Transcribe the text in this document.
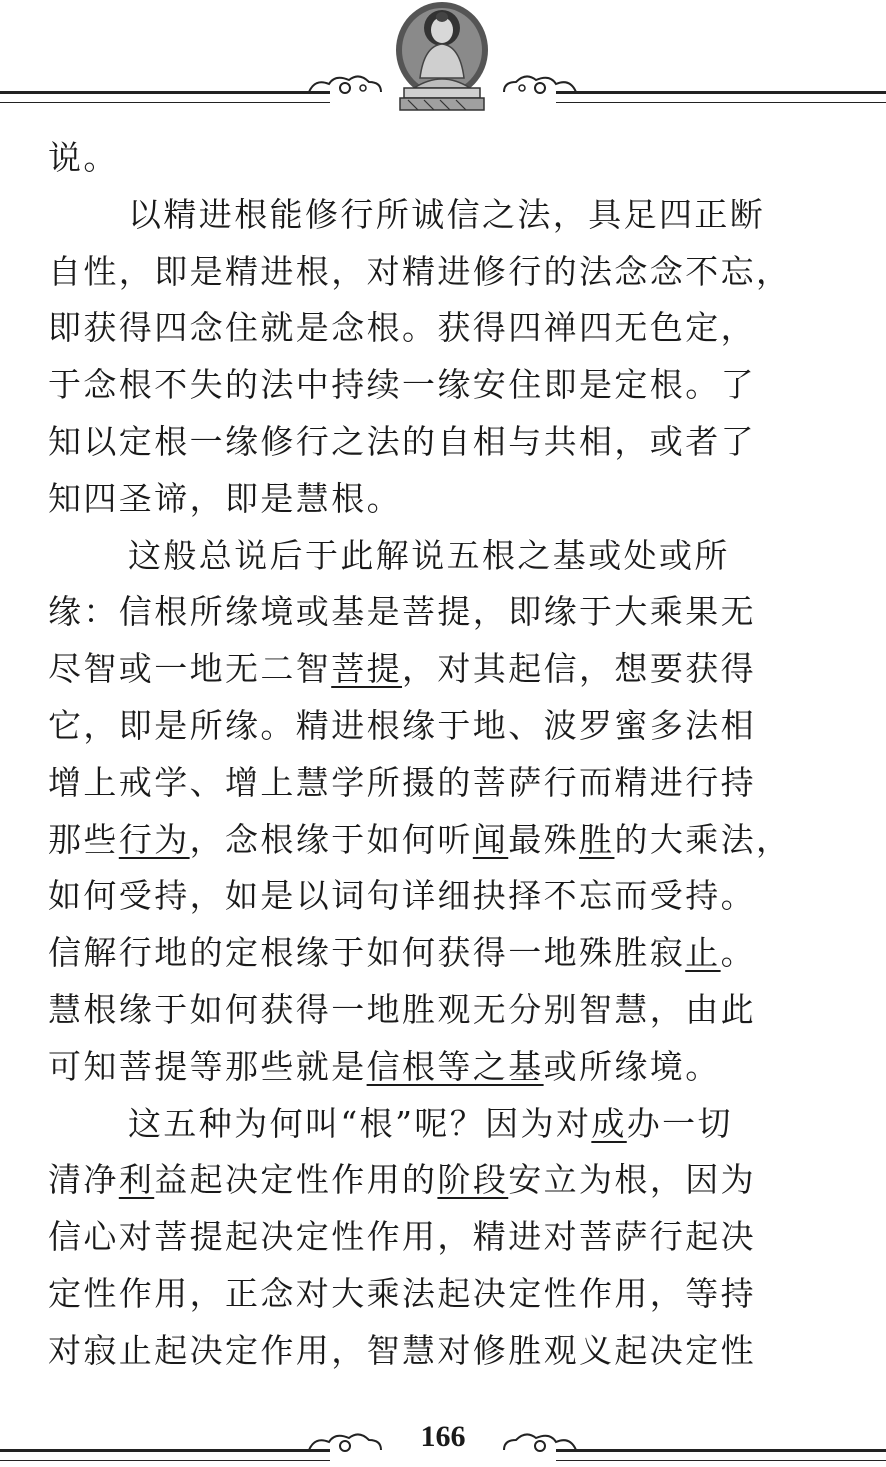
说。
以精进根能修行所诚信之法，具足四正断
自性，即是精进根，对精进修行的法念念不忘，
即获得四念住就是念根。获得四禅四无色定，
于念根不失的法中持续一缘安住即是定根。了
知以定根一缘修行之法的自相与共相，或者了
知四圣谛，即是慧根。
这般总说后于此解说五根之基或处或所
缘：信根所缘境或基是菩提，即缘于大乘果无
尽智或一地无二智菩提，对其起信，想要获得
它，即是所缘。精进根缘于地、波罗蜜多法相
增上戒学、增上慧学所摄的菩萨行而精进行持
那些行为，念根缘于如何听闻最殊胜的大乘法，
如何受持，如是以词句详细抉择不忘而受持。
信解行地的定根缘于如何获得一地殊胜寂止。
慧根缘于如何获得一地胜观无分别智慧，由此
可知菩提等那些就是信根等之基或所缘境。
这五种为何叫“根”呢？因为对成办一切
清净利益起决定性作用的阶段安立为根，因为
信心对菩提起决定性作用，精进对菩萨行起决
定性作用，正念对大乘法起决定性作用，等持
对寂止起决定作用，智慧对修胜观义起决定性
166
